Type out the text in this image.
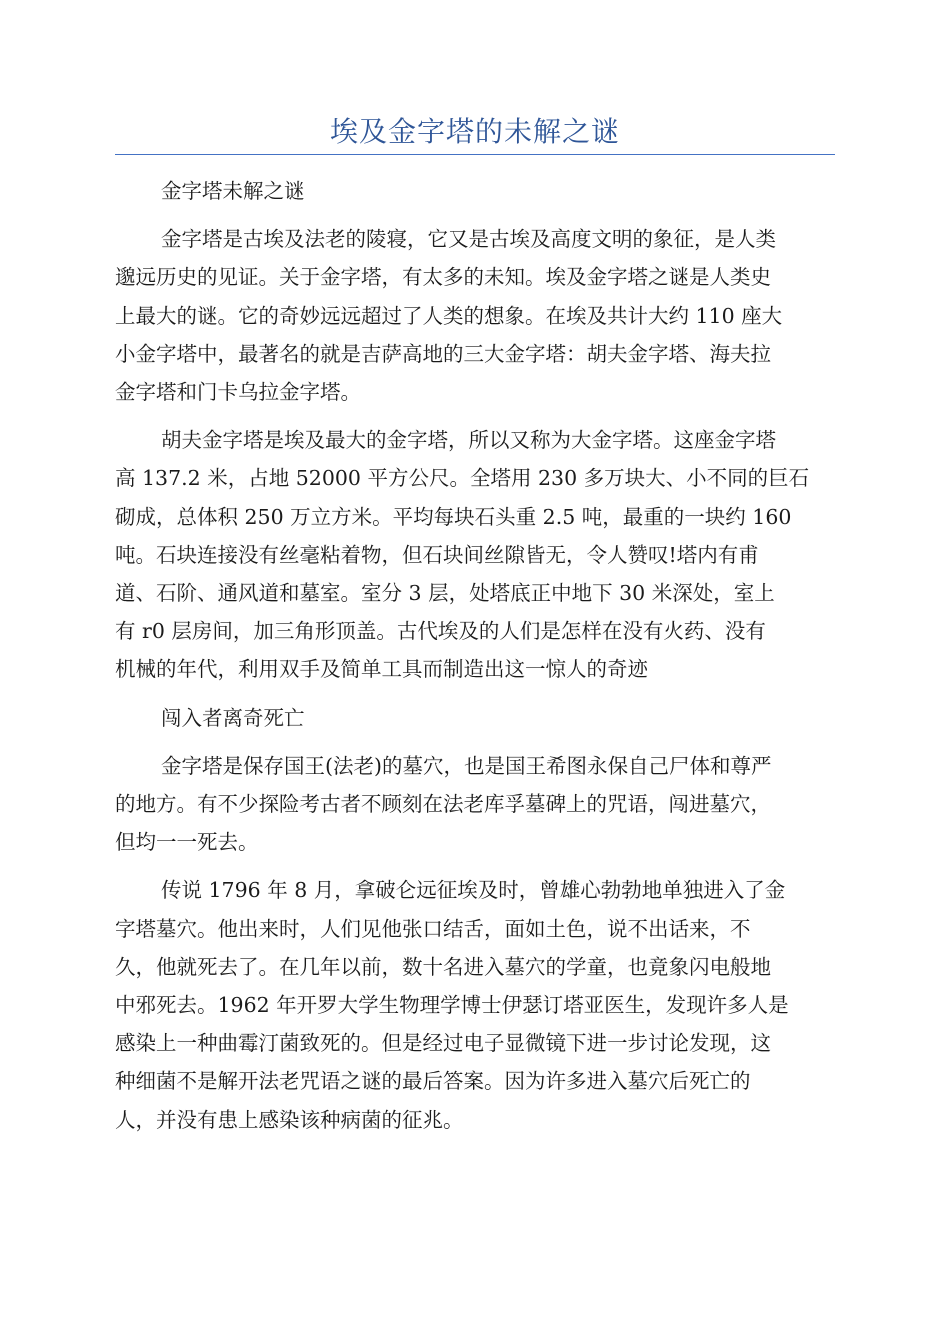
埃及金字塔的未解之谜
金字塔未解之谜
金字塔是古埃及法老的陵寝，它又是古埃及高度文明的象征，是人类
邈远历史的见证。关于金字塔，有太多的未知。埃及金字塔之谜是人类史
上最大的谜。它的奇妙远远超过了人类的想象。在埃及共计大约 110 座大
小金字塔中，最著名的就是吉萨高地的三大金字塔：胡夫金字塔、海夫拉
金字塔和门卡乌拉金字塔。
胡夫金字塔是埃及最大的金字塔，所以又称为大金字塔。这座金字塔
高 137.2 米，占地 52000 平方公尺。全塔用 230 多万块大、小不同的巨石
砌成，总体积 250 万立方米。平均每块石头重 2.5 吨，最重的一块约 160
吨。石块连接没有丝毫粘着物，但石块间丝隙皆无，令人赞叹!塔内有甫
道、石阶、通风道和墓室。室分 3 层，处塔底正中地下 30 米深处，室上
有 r0 层房间，加三角形顶盖。古代埃及的人们是怎样在没有火药、没有
机械的年代，利用双手及简单工具而制造出这一惊人的奇迹
闯入者离奇死亡
金字塔是保存国王(法老)的墓穴，也是国王希图永保自己尸体和尊严
的地方。有不少探险考古者不顾刻在法老库孚墓碑上的咒语，闯进墓穴，
但均一一死去。
传说 1796 年 8 月，拿破仑远征埃及时，曾雄心勃勃地单独进入了金
字塔墓穴。他出来时，人们见他张口结舌，面如土色，说不出话来，不
久，他就死去了。在几年以前，数十名进入墓穴的学童，也竟象闪电般地
中邪死去。1962 年开罗大学生物理学博士伊瑟订塔亚医生，发现许多人是
感染上一种曲霉汀菌致死的。但是经过电子显微镜下进一步讨论发现，这
种细菌不是解开法老咒语之谜的最后答案。因为许多进入墓穴后死亡的
人，并没有患上感染该种病菌的征兆。
